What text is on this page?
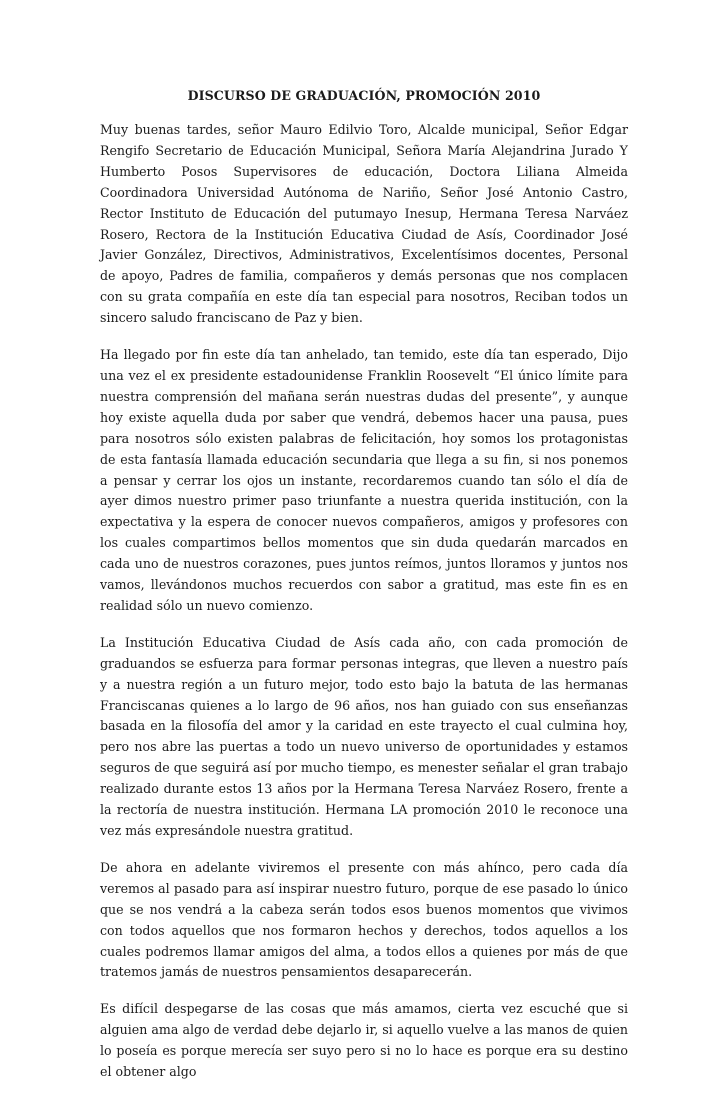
DISCURSO DE GRADUACIÓN, PROMOCIÓN 2010

Muy buenas tardes, señor Mauro Edilvio Toro, Alcalde municipal, Señor Edgar Rengifo Secretario de Educación Municipal, Señora María Alejandrina Jurado Y Humberto Posos Supervisores de educación, Doctora Liliana Almeida Coordinadora Universidad Autónoma de Nariño, Señor José Antonio Castro, Rector Instituto de Educación del putumayo Inesup, Hermana Teresa Narváez Rosero, Rectora de la Institución Educativa Ciudad de Asís, Coordinador José Javier González, Directivos, Administrativos, Excelentísimos docentes, Personal de apoyo, Padres de familia, compañeros y demás personas que nos complacen con su grata compañía en este día tan especial para nosotros, Reciban todos un sincero saludo franciscano de Paz y bien.

Ha llegado por fin este día tan anhelado, tan temido, este día tan esperado, Dijo una vez el ex presidente estadounidense Franklin Roosevelt “El único límite para nuestra comprensión del mañana serán nuestras dudas del presente”, y aunque hoy existe aquella duda por saber que vendrá, debemos hacer una pausa, pues para nosotros sólo existen palabras de felicitación, hoy somos los protagonistas de esta fantasía llamada educación secundaria que llega a su fin, si nos ponemos a pensar y cerrar los ojos un instante, recordaremos cuando tan sólo el día de ayer dimos nuestro primer paso triunfante a nuestra querida institución, con la expectativa y la espera de conocer nuevos compañeros, amigos y profesores con los cuales compartimos bellos momentos que sin duda quedarán marcados en cada uno de nuestros corazones, pues juntos reímos, juntos lloramos y juntos nos vamos, llevándonos muchos recuerdos con sabor a gratitud, mas este fin es en realidad sólo un nuevo comienzo.

La Institución Educativa Ciudad de Asís cada año, con cada promoción de graduandos se esfuerza para formar personas integras, que lleven a nuestro país y a nuestra región a un futuro mejor, todo esto bajo la batuta de las hermanas Franciscanas quienes a lo largo de 96 años, nos han guiado con sus enseñanzas basada en la filosofía del amor y la caridad en este trayecto el cual culmina hoy, pero nos abre las puertas a todo un nuevo universo de oportunidades y estamos seguros de que seguirá así por mucho tiempo, es menester señalar el gran trabajo realizado durante estos 13 años por la Hermana Teresa Narváez Rosero, frente a la rectoría de nuestra institución. Hermana LA promoción 2010 le reconoce una vez más expresándole nuestra gratitud.

De ahora en adelante viviremos el presente con más ahínco, pero cada día veremos al pasado para así inspirar nuestro futuro, porque de ese pasado lo único que se nos vendrá a la cabeza serán todos esos buenos momentos que vivimos con todos aquellos que nos formaron hechos y derechos, todos aquellos a los cuales podremos llamar amigos del alma, a todos ellos a quienes por más de que tratemos jamás de nuestros pensamientos desaparecerán.

Es difícil despegarse de las cosas que más amamos, cierta vez escuché que si alguien ama algo de verdad debe dejarlo ir, si aquello vuelve a las manos de quien lo poseía es porque merecía ser suyo pero si no lo hace es porque era su destino el obtener algo
